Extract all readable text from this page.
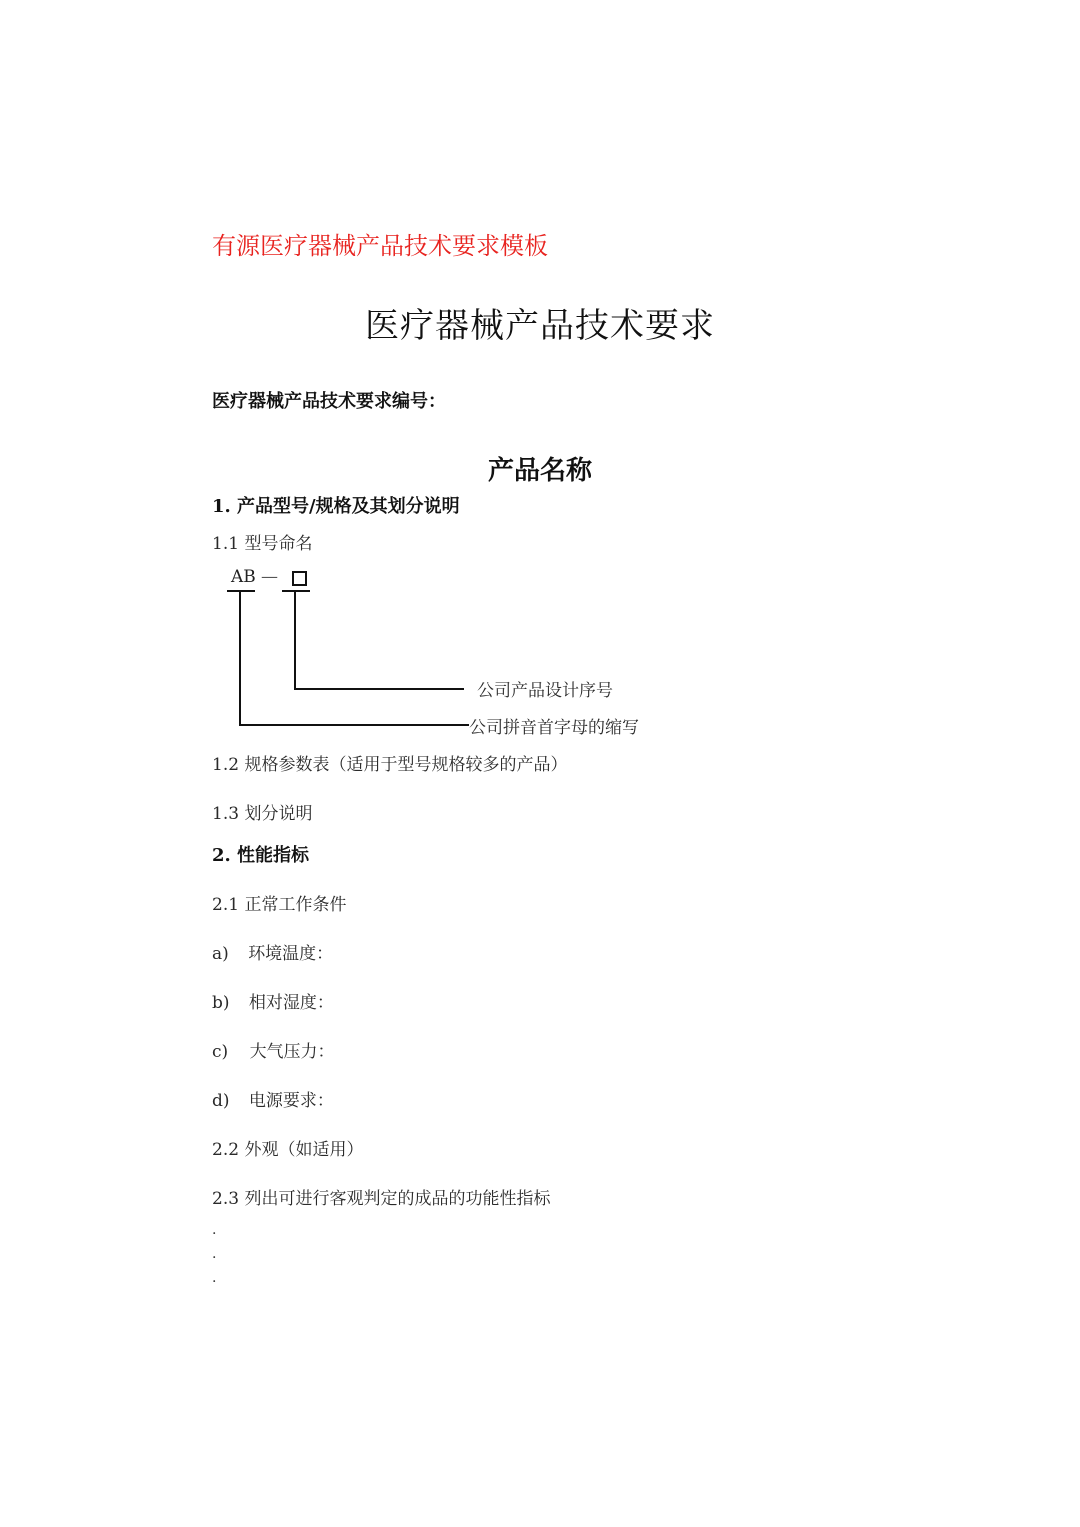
有源医疗器械产品技术要求模板
医疗器械产品技术要求
医疗器械产品技术要求编号：
产品名称
1. 产品型号/规格及其划分说明
1.1 型号命名
AB —
公司产品设计序号
公司拼音首字母的缩写
1.2 规格参数表（适用于型号规格较多的产品）
1.3 划分说明
2. 性能指标
2.1 正常工作条件
a) 环境温度：
b) 相对湿度：
c) 大气压力：
d) 电源要求：
2.2 外观（如适用）
2.3 列出可进行客观判定的成品的功能性指标
.
.
.
